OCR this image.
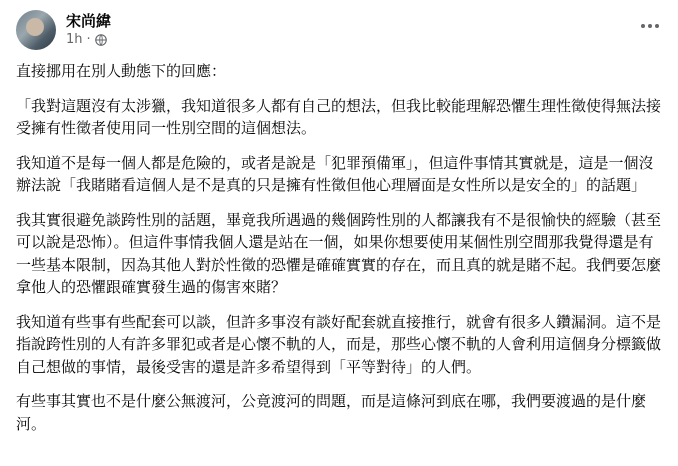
宋尚緯
1h ·

直接挪用在別人動態下的回應：

「我對這題沒有太涉獵，我知道很多人都有自己的想法，但我比較能理解恐懼生理性徵使得無法接受擁有性徵者使用同一性別空間的這個想法。

我知道不是每一個人都是危險的，或者是說是「犯罪預備軍」，但這件事情其實就是，這是一個沒辦法說「我賭賭看這個人是不是真的只是擁有性徵但他心理層面是女性所以是安全的」的話題」

我其實很避免談跨性別的話題，畢竟我所遇過的幾個跨性別的人都讓我有不是很愉快的經驗（甚至可以說是恐怖）。但這件事情我個人還是站在一個，如果你想要使用某個性別空間那我覺得還是有一些基本限制，因為其他人對於性徵的恐懼是確確實實的存在，而且真的就是賭不起。我們要怎麼拿他人的恐懼跟確實發生過的傷害來賭？

我知道有些事有些配套可以談，但許多事沒有談好配套就直接推行，就會有很多人鑽漏洞。這不是指說跨性別的人有許多罪犯或者是心懷不軌的人，而是，那些心懷不軌的人會利用這個身分標籤做自己想做的事情，最後受害的還是許多希望得到「平等對待」的人們。

有些事其實也不是什麼公無渡河，公竟渡河的問題，而是這條河到底在哪，我們要渡過的是什麼河。
